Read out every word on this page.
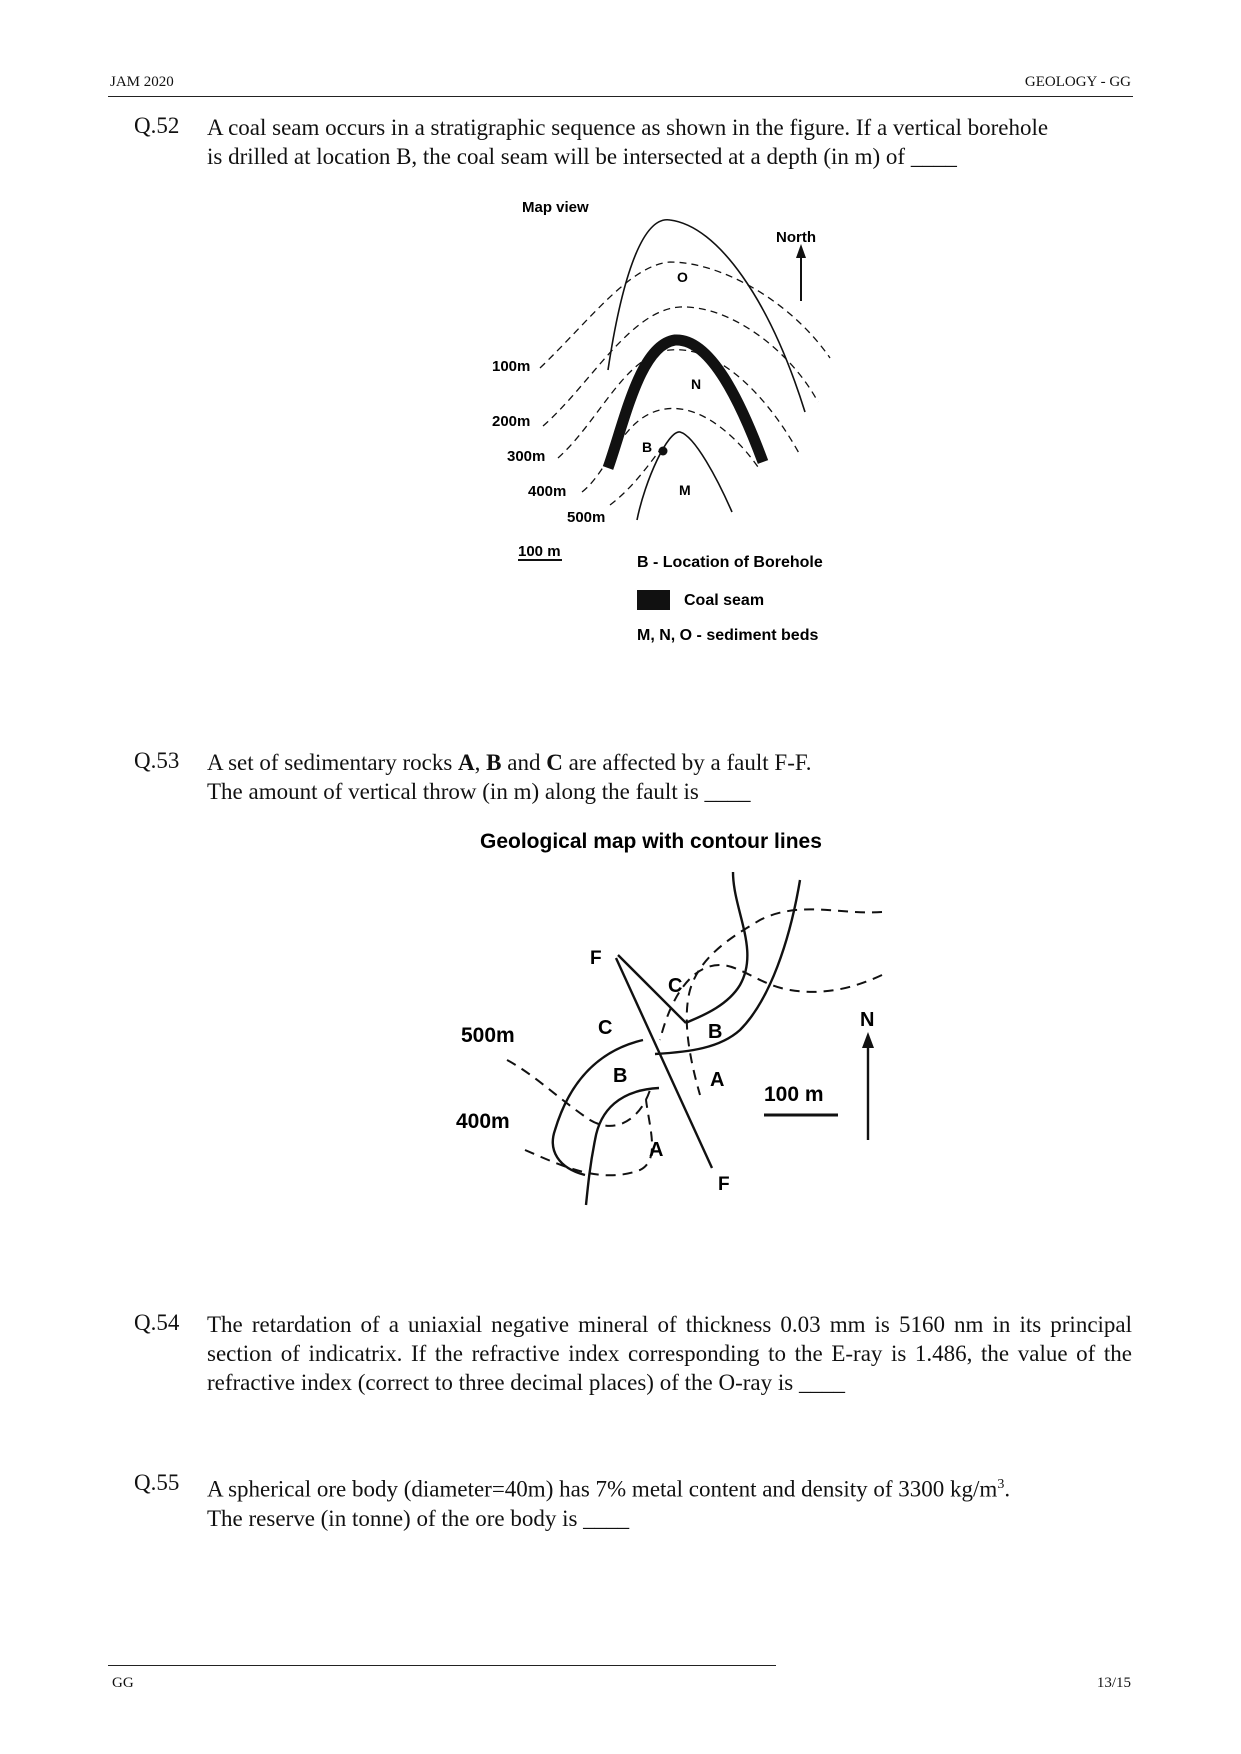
JAM 2020	GEOLOGY - GG
Q.52 A coal seam occurs in a stratigraphic sequence as shown in the figure. If a vertical borehole
is drilled at location B, the coal seam will be intersected at a depth (in m) of ____
Map view
North
B
O
N
M
100m
200m
300m
400m
500m
100 m
B - Location of Borehole
Coal seam
M, N, O - sediment beds
Q.53 A set of sedimentary rocks A, B and C are affected by a fault F-F.
The amount of vertical throw (in m) along the fault is ____
Geological map with contour lines
F
F
500m
400m
C
C	B
B	A
A
N
100 m
Q.54 The retardation of a uniaxial negative mineral of thickness 0.03 mm is 5160 nm in its principal section of indicatrix. If the refractive index corresponding to the E-ray is 1.486, the value of the refractive index (correct to three decimal places) of the O-ray is ____
Q.55 A spherical ore body (diameter=40m) has 7% metal content and density of 3300 $kg/m^3$.
The reserve (in tonne) of the ore body is ____
GG	13/15
